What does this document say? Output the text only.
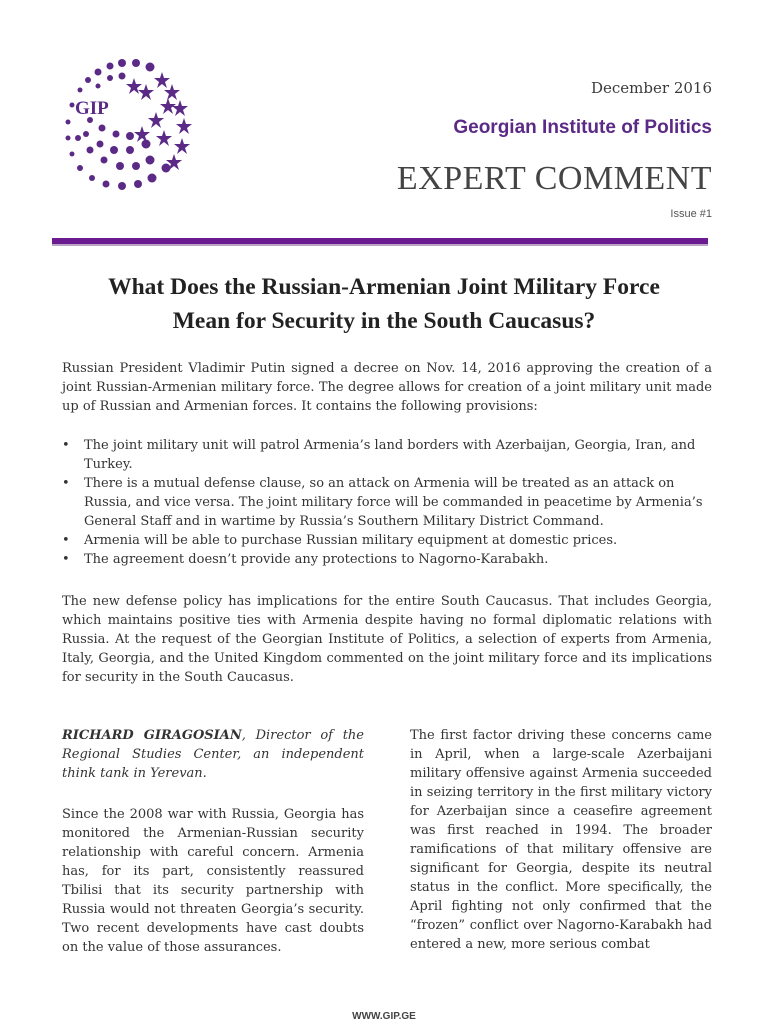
GIP
December 2016
Georgian Institute of Politics
EXPERT COMMENT
Issue #1
What Does the Russian-Armenian Joint Military Force
Mean for Security in the South Caucasus?
Russian President Vladimir Putin signed a decree on Nov. 14, 2016 approving the creation of a joint Russian-Armenian military force. The degree allows for creation of a joint military unit made up of Russian and Armenian forces. It contains the following provisions:
• The joint military unit will patrol Armenia’s land borders with Azerbaijan, Georgia, Iran, and Turkey.
• There is a mutual defense clause, so an attack on Armenia will be treated as an attack on Russia, and vice versa. The joint military force will be commanded in peacetime by Armenia’s General Staff and in wartime by Russia’s Southern Military District Command.
• Armenia will be able to purchase Russian military equipment at domestic prices.
• The agreement doesn’t provide any protections to Nagorno-Karabakh.
The new defense policy has implications for the entire South Caucasus. That includes Georgia, which maintains positive ties with Armenia despite having no formal diplomatic relations with Russia. At the request of the Georgian Institute of Politics, a selection of experts from Armenia, Italy, Georgia, and the United Kingdom commented on the joint military force and its implications for security in the South Caucasus.
RICHARD GIRAGOSIAN, Director of the Regional Studies Center, an independent think tank in Yerevan.
Since the 2008 war with Russia, Georgia has monitored the Armenian-Russian security relationship with careful concern. Armenia has, for its part, consistently reassured Tbilisi that its security partnership with Russia would not threaten Georgia’s security. Two recent developments have cast doubts on the value of those assurances.
The first factor driving these concerns came in April, when a large-scale Azerbaijani military offensive against Armenia succeeded in seizing territory in the first military victory for Azerbaijan since a ceasefire agreement was first reached in 1994. The broader ramifications of that military offensive are significant for Georgia, despite its neutral status in the conflict. More specifically, the April fighting not only confirmed that the “frozen” conflict over Nagorno-Karabakh had entered a new, more serious combat
WWW.GIP.GE
